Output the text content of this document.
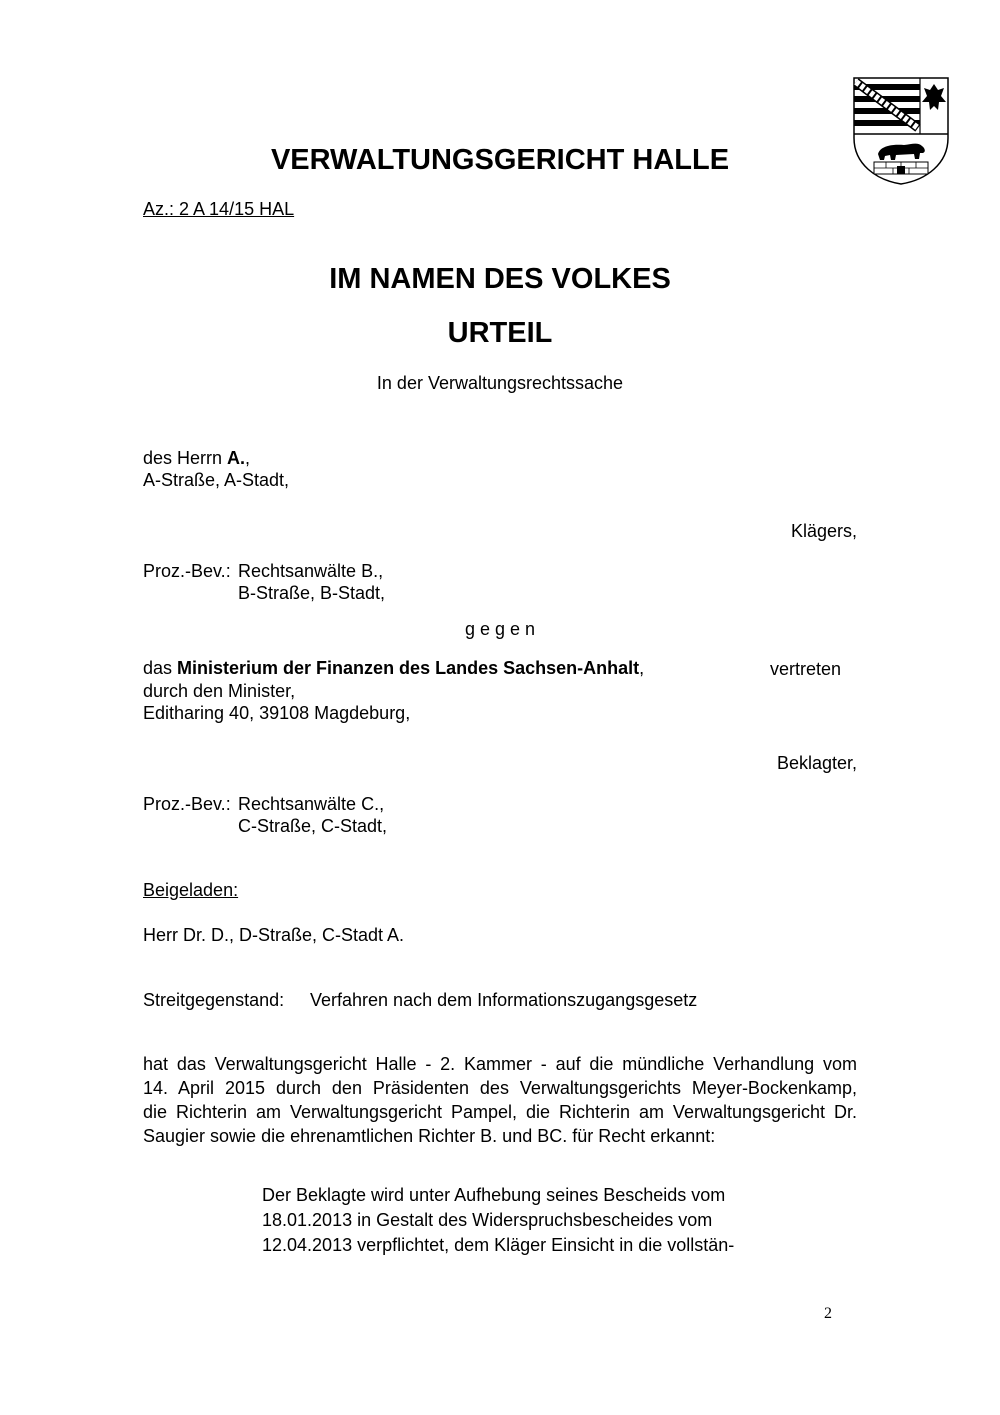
VERWALTUNGSGERICHT HALLE
Az.: 2 A 14/15 HAL
IM NAMEN DES VOLKES
URTEIL
In der Verwaltungsrechtssache
des Herrn A.,
A-Straße, A-Stadt,
Klägers,
Proz.-Bev.: Rechtsanwälte B.,
B-Straße, B-Stadt,
g e g e n
das Ministerium der Finanzen des Landes Sachsen-Anhalt,	vertreten
durch den Minister,
Editharing 40, 39108 Magdeburg,
Beklagter,
Proz.-Bev.: Rechtsanwälte C.,
C-Straße, C-Stadt,
Beigeladen:
Herr Dr. D., D-Straße, C-Stadt A.
Streitgegenstand: Verfahren nach dem Informationszugangsgesetz
hat das Verwaltungsgericht Halle - 2. Kammer - auf die mündliche Verhandlung vom
14. April 2015 durch den Präsidenten des Verwaltungsgerichts Meyer-Bockenkamp,
die Richterin am Verwaltungsgericht Pampel, die Richterin am Verwaltungsgericht Dr.
Saugier sowie die ehrenamtlichen Richter B. und BC. für Recht erkannt:
Der Beklagte wird unter Aufhebung seines Bescheids vom
18.01.2013 in Gestalt des Widerspruchsbescheides vom
12.04.2013 verpflichtet, dem Kläger Einsicht in die vollstän-
2
